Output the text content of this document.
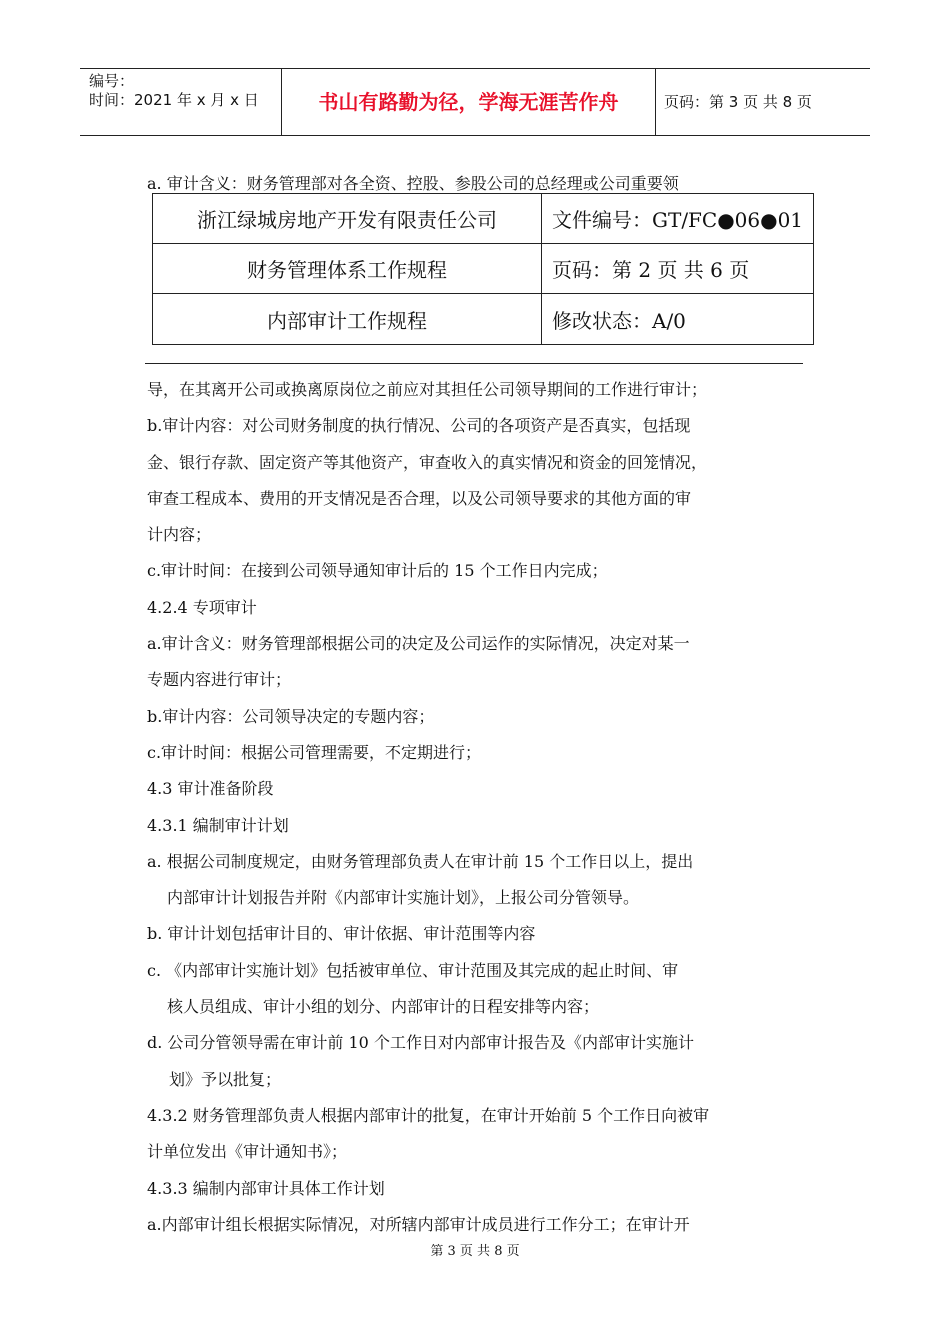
编号：
时间：2021 年 x 月 x 日	书山有路勤为径，学海无涯苦作舟	页码：第 3 页 共 8 页
a. 审计含义：财务管理部对各全资、控股、参股公司的总经理或公司重要领
浙江绿城房地产开发有限责任公司	文件编号：GT/FC●06●01
财务管理体系工作规程	页码：第 2 页 共 6 页
内部审计工作规程	修改状态：A/0
导，在其离开公司或换离原岗位之前应对其担任公司领导期间的工作进行审计；
b.审计内容：对公司财务制度的执行情况、公司的各项资产是否真实，包括现
金、银行存款、固定资产等其他资产，审查收入的真实情况和资金的回笼情况，
审查工程成本、费用的开支情况是否合理，以及公司领导要求的其他方面的审
计内容；
c.审计时间：在接到公司领导通知审计后的 15 个工作日内完成；
4.2.4 专项审计
a.审计含义：财务管理部根据公司的决定及公司运作的实际情况，决定对某一
专题内容进行审计；
b.审计内容：公司领导决定的专题内容；
c.审计时间：根据公司管理需要，不定期进行；
4.3 审计准备阶段
4.3.1 编制审计计划
a. 根据公司制度规定，由财务管理部负责人在审计前 15 个工作日以上，提出
内部审计计划报告并附《内部审计实施计划》，上报公司分管领导。
b. 审计计划包括审计目的、审计依据、审计范围等内容
c. 《内部审计实施计划》包括被审单位、审计范围及其完成的起止时间、审
核人员组成、审计小组的划分、内部审计的日程安排等内容；
d. 公司分管领导需在审计前 10 个工作日对内部审计报告及《内部审计实施计
划》予以批复；
4.3.2 财务管理部负责人根据内部审计的批复，在审计开始前 5 个工作日向被审
计单位发出《审计通知书》；
4.3.3 编制内部审计具体工作计划
a.内部审计组长根据实际情况，对所辖内部审计成员进行工作分工；在审计开
第 3 页 共 8 页
